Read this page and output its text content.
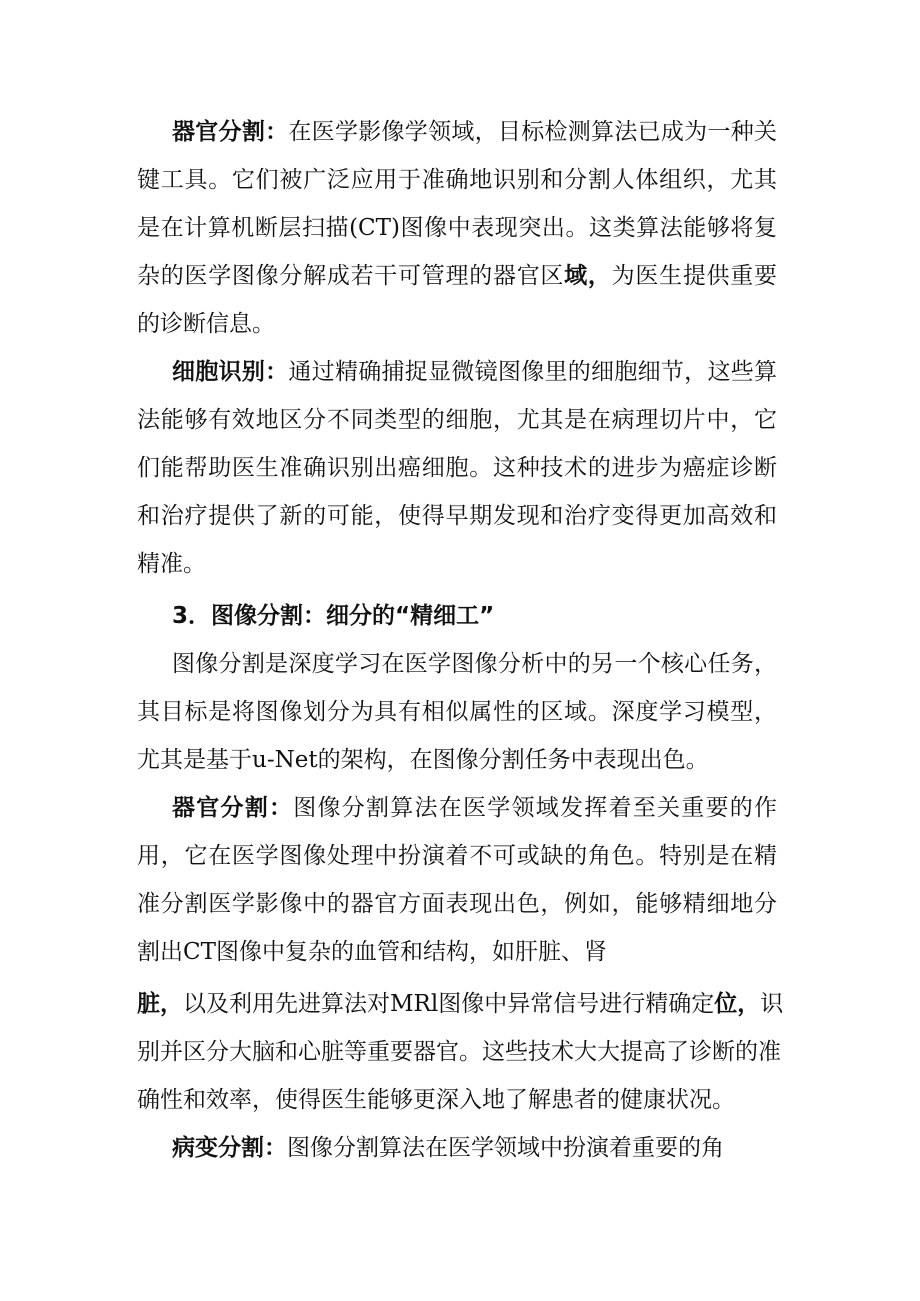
器官分割：在医学影像学领域，目标检测算法已成为一种关
键工具。它们被广泛应用于准确地识别和分割人体组织，尤其
是在计算机断层扫描(CT)图像中表现突出。这类算法能够将复
杂的医学图像分解成若干可管理的器官区域，为医生提供重要
的诊断信息。
细胞识别：通过精确捕捉显微镜图像里的细胞细节，这些算
法能够有效地区分不同类型的细胞，尤其是在病理切片中，它
们能帮助医生准确识别出癌细胞。这种技术的进步为癌症诊断
和治疗提供了新的可能，使得早期发现和治疗变得更加高效和
精准。
3．图像分割：细分的“精细工”
图像分割是深度学习在医学图像分析中的另一个核心任务，
其目标是将图像划分为具有相似属性的区域。深度学习模型，
尤其是基于u-Net的架构，在图像分割任务中表现出色。
器官分割：图像分割算法在医学领域发挥着至关重要的作
用，它在医学图像处理中扮演着不可或缺的角色。特别是在精
准分割医学影像中的器官方面表现出色，例如，能够精细地分
割出CT图像中复杂的血管和结构，如肝脏、肾
脏，以及利用先进算法对MRl图像中异常信号进行精确定位，识
别并区分大脑和心脏等重要器官。这些技术大大提高了诊断的准
确性和效率，使得医生能够更深入地了解患者的健康状况。
病变分割：图像分割算法在医学领域中扮演着重要的角
